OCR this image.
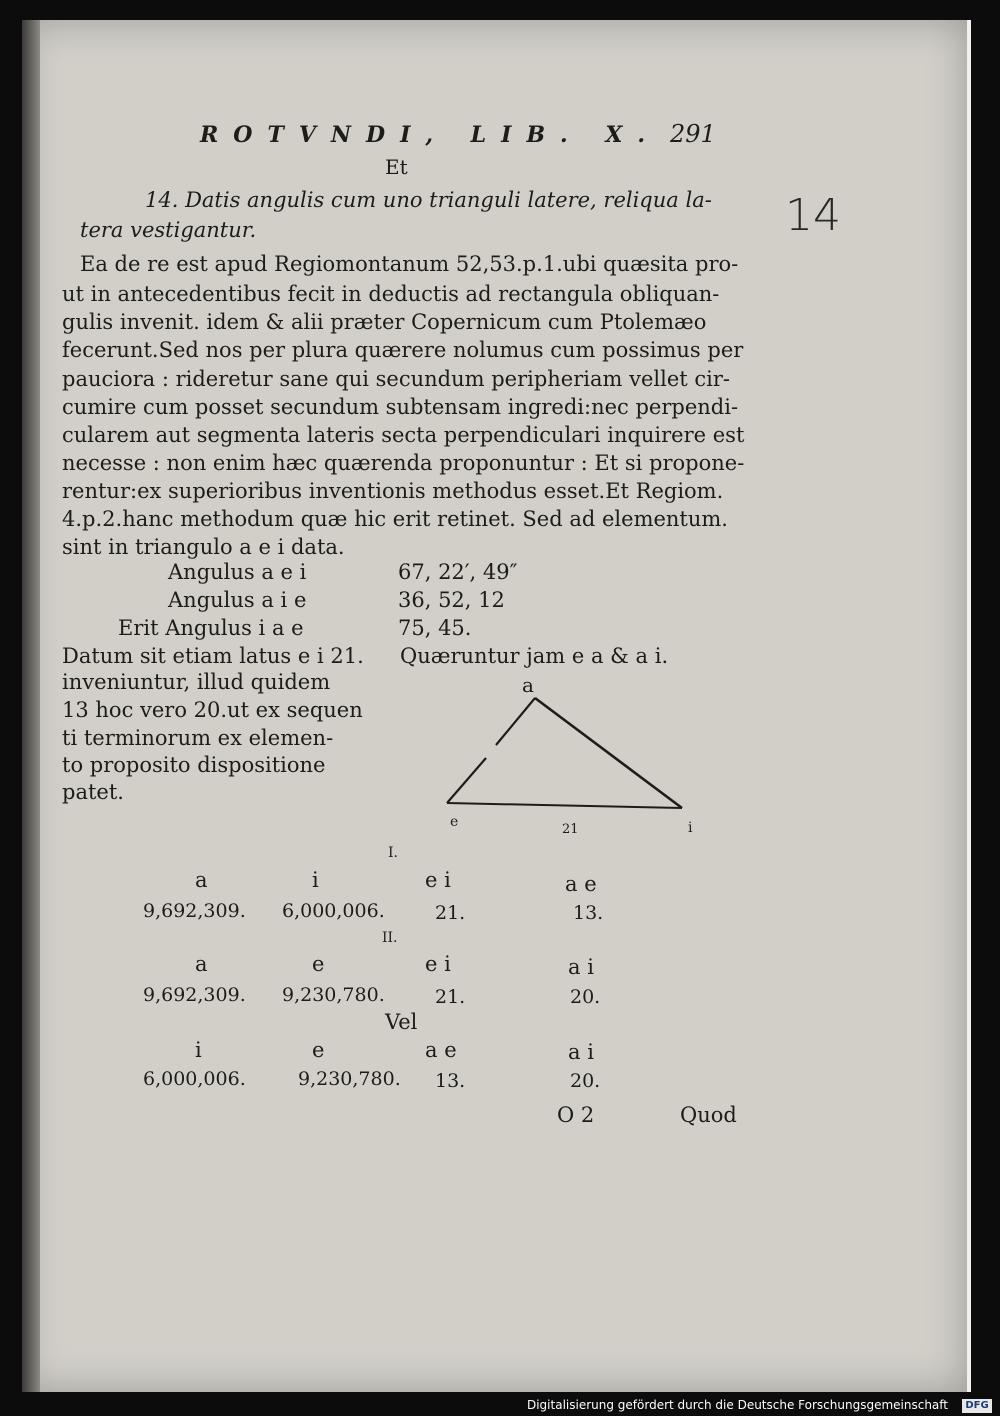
ROTVNDI, LIB. X. 291
Et
14. Datis angulis cum uno trianguli latere, reliqua la-
tera vestigantur.	14
Ea de re est apud Regiomontanum 52,53.p.1.ubi quæsita pro-
ut in antecedentibus fecit in deductis ad rectangula obliquan-
gulis invenit. idem & alii præter Copernicum cum Ptolemæo
fecerunt.Sed nos per plura quærere nolumus cum possimus per
pauciora : rideretur sane qui secundum peripheriam vellet cir-
cumire cum posset secundum subtensam ingredi:nec perpendi-
cularem aut segmenta lateris secta perpendiculari inquirere est
necesse : non enim hæc quærenda proponuntur : Et si propone-
rentur:ex superioribus inventionis methodus esset.Et Regiom.
4.p.2.hanc methodum quæ hic erit retinet. Sed ad elementum.
sint in triangulo a e i data.
Angulus a e i	67, 22′, 49″
Angulus a i e	36, 52, 12
Erit Angulus i a e	75, 45.
Datum sit etiam latus e i 21. Quæruntur jam e a & a i.
inveniuntur, illud quidem
13 hoc vero 20.ut ex sequen
ti terminorum ex elemen-
to proposito dispositione
patet.
a
e	i
21
I.
a	i	e i	a e
9,692,309. 6,000,006.	21.	13.
II.
a	e	e i	a i
9,692,309. 9,230,780.	21.	20.
Vel
i	e	a e	a i
6,000,006.	9,230,780. 13.	20.
O 2	Quod
Digitalisierung gefördert durch die Deutsche Forschungsgemeinschaft	DFG
